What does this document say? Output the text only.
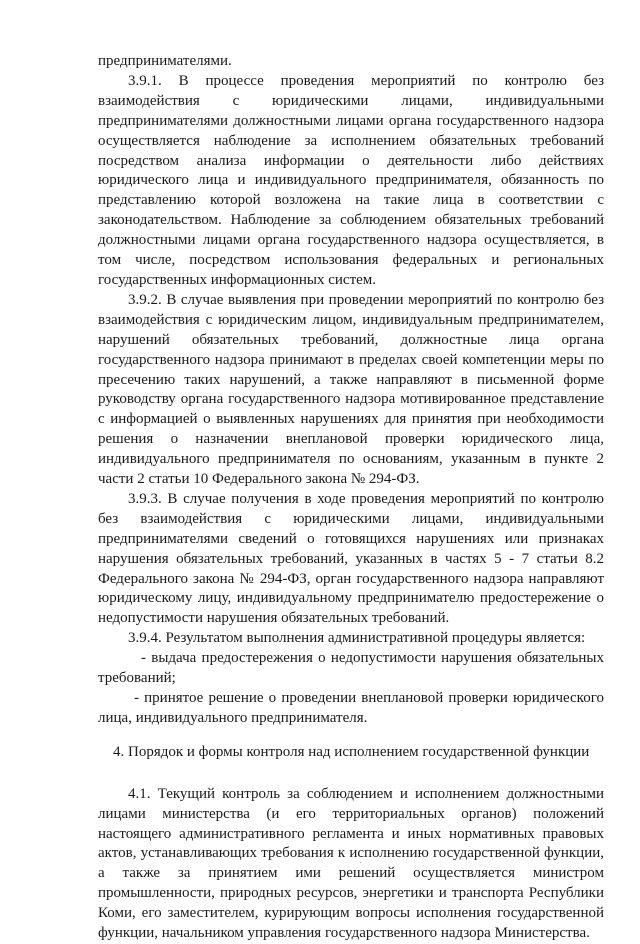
предпринимателями.

3.9.1. В процессе проведения мероприятий по контролю без взаимодействия с юридическими лицами, индивидуальными предпринимателями должностными лицами органа государственного надзора осуществляется наблюдение за исполнением обязательных требований посредством анализа информации о деятельности либо действиях юридического лица и индивидуального предпринимателя, обязанность по представлению которой возложена на такие лица в соответствии с законодательством. Наблюдение за соблюдением обязательных требований должностными лицами органа государственного надзора осуществляется, в том числе, посредством использования федеральных и региональных государственных информационных систем.

3.9.2. В случае выявления при проведении мероприятий по контролю без взаимодействия с юридическим лицом, индивидуальным предпринимателем, нарушений обязательных требований, должностные лица органа государственного надзора принимают в пределах своей компетенции меры по пресечению таких нарушений, а также направляют в письменной форме руководству органа государственного надзора мотивированное представление с информацией о выявленных нарушениях для принятия при необходимости решения о назначении внеплановой проверки юридического лица, индивидуального предпринимателя по основаниям, указанным в пункте 2 части 2 статьи 10 Федерального закона № 294-ФЗ.

3.9.3. В случае получения в ходе проведения мероприятий по контролю без взаимодействия с юридическими лицами, индивидуальными предпринимателями сведений о готовящихся нарушениях или признаках нарушения обязательных требований, указанных в частях 5 - 7 статьи 8.2 Федерального закона № 294-ФЗ, орган государственного надзора направляют юридическому лицу, индивидуальному предпринимателю предостережение о недопустимости нарушения обязательных требований.

3.9.4. Результатом выполнения административной процедуры является:

- выдача предостережения о недопустимости нарушения обязательных требований;

- принятое решение о проведении внеплановой проверки юридического лица, индивидуального предпринимателя.

4. Порядок и формы контроля над исполнением государственной функции

4.1. Текущий контроль за соблюдением и исполнением должностными лицами министерства (и его территориальных органов) положений настоящего административного регламента и иных нормативных правовых актов, устанавливающих требования к исполнению государственной функции, а также за принятием ими решений осуществляется министром промышленности, природных ресурсов, энергетики и транспорта Республики Коми, его заместителем, курирующим вопросы исполнения государственной функции, начальником управления государственного надзора Министерства.
